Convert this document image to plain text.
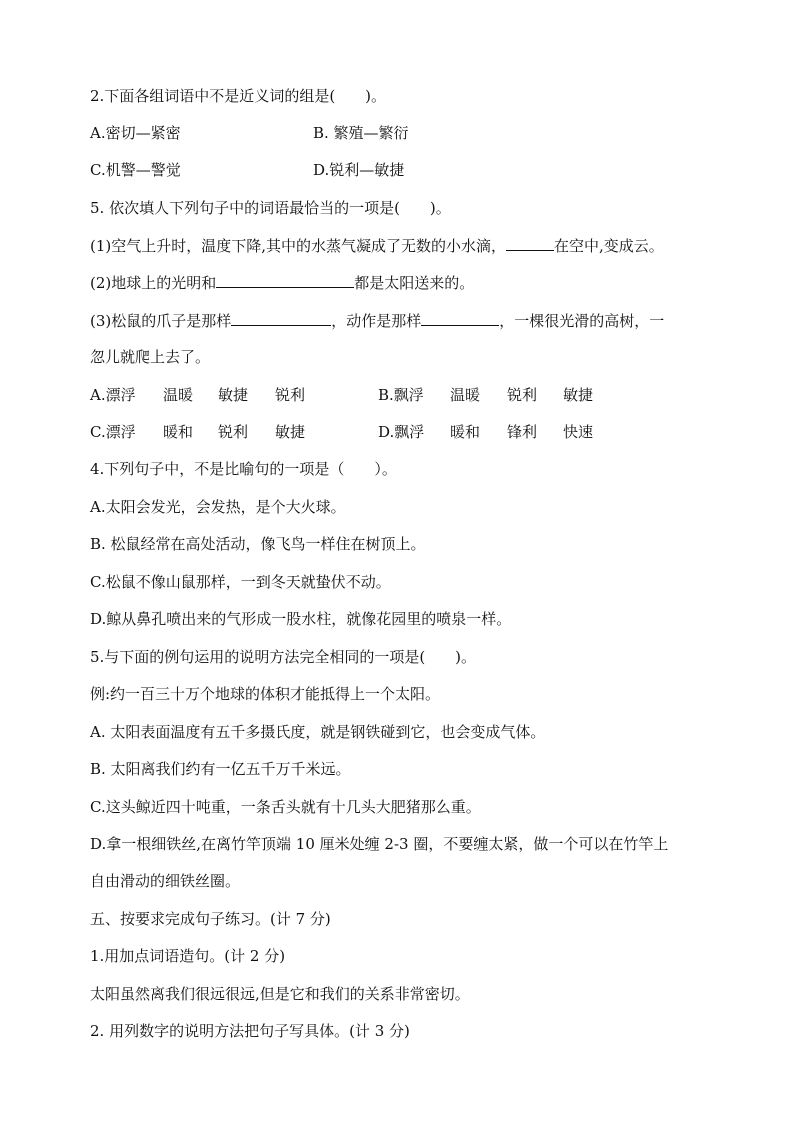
2.下面各组词语中不是近义词的组是(　　)。
A.密切—紧密	B. 繁殖—繁衍
C.机警—警觉	D.锐利—敏捷
5. 依次填人下列句子中的词语最恰当的一项是(　　)。
(1)空气上升时，温度下降,其中的水蒸气凝成了无数的小水滴，	在空中,变成云。
(2)地球上的光明和	都是太阳送来的。
(3)松鼠的爪子是那样	，动作是那样	，一棵很光滑的高树，一
忽儿就爬上去了。
A.漂浮 温暖 敏捷 锐利	B.飘浮 温暖 锐利 敏捷
C.漂浮 暖和 锐利 敏捷	D.飘浮 暖和 锋利 快速
4.下列句子中，不是比喻句的一项是（　　）。
A.太阳会发光，会发热，是个大火球。
B. 松鼠经常在高处活动，像飞鸟一样住在树顶上。
C.松鼠不像山鼠那样，一到冬天就蛰伏不动。
D.鲸从鼻孔喷出来的气形成一股水柱，就像花园里的喷泉一样。
5.与下面的例句运用的说明方法完全相同的一项是(　　)。
例:约一百三十万个地球的体积才能抵得上一个太阳。
A. 太阳表面温度有五千多摄氏度，就是钢铁碰到它，也会变成气体。
B. 太阳离我们约有一亿五千万千米远。
C.这头鲸近四十吨重，一条舌头就有十几头大肥猪那么重。
D.拿一根细铁丝,在离竹竿顶端 10 厘米处缠 2-3 圈，不要缠太紧，做一个可以在竹竿上
自由滑动的细铁丝圈。
五、按要求完成句子练习。(计 7 分)
1.用加点词语造句。(计 2 分)
太阳虽然离我们很远很远,但是它和我们的关系非常密切。
2. 用列数字的说明方法把句子写具体。(计 3 分)
